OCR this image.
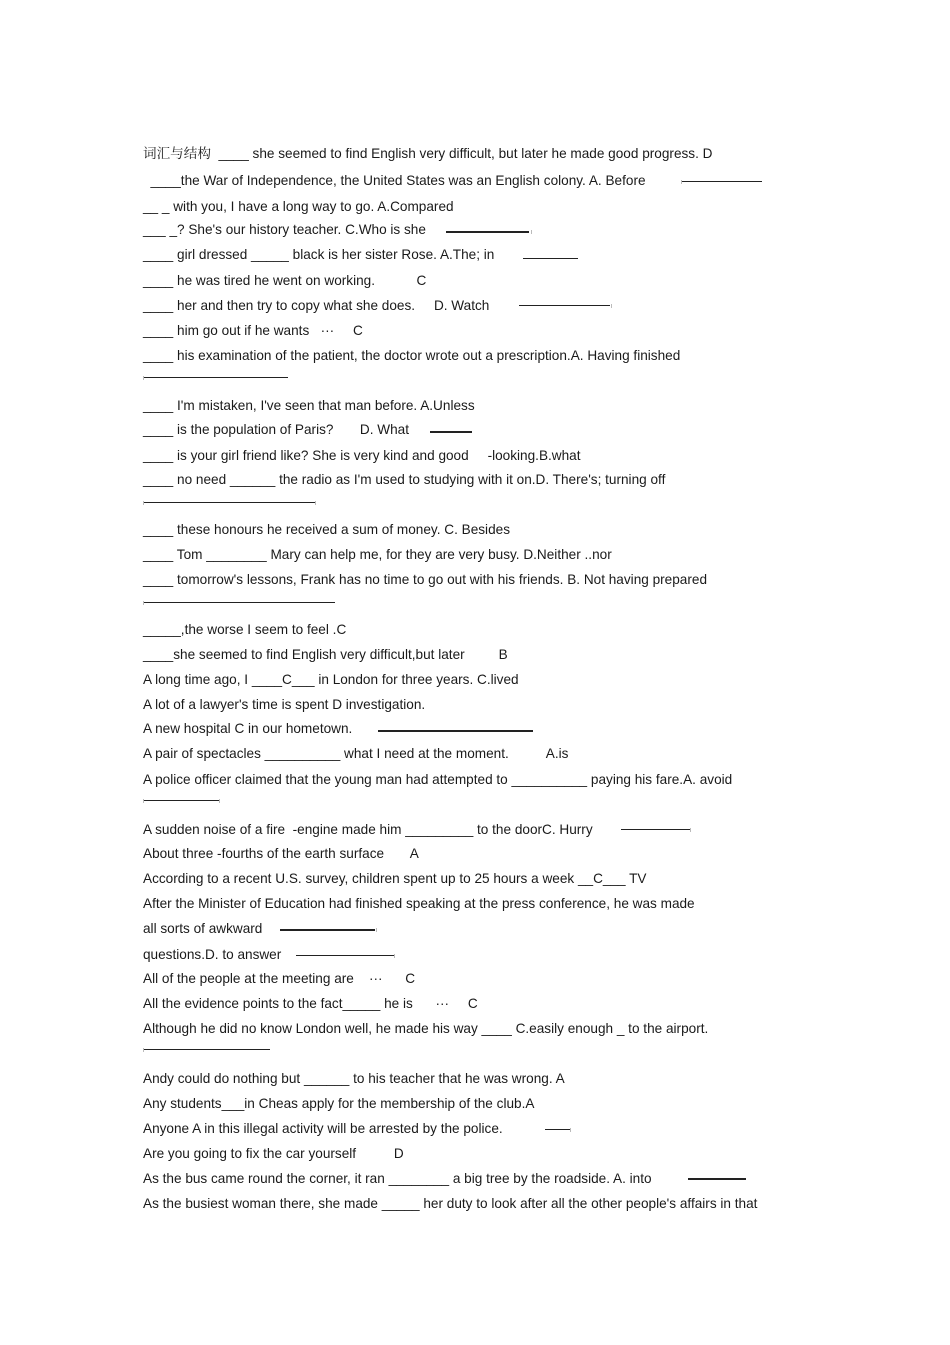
词汇与结构  ____ she seemed to find English very difficult, but later he made good progress. D
____the War of Independence, the United States was an English colony. A. Before
__ _ with you, I have a long way to go. A.Compared
___ _? She's our history teacher. C.Who is she
____ girl dressed _____ black is her sister Rose. A.The; in
____ he was tired he went on working.           C
____ her and then try to copy what she does.     D. Watch
____ him go out if he wants   ···     C
____ his examination of the patient, the doctor wrote out a prescription.A. Having finished
____ I'm mistaken, I've seen that man before. A.Unless
____ is the population of Paris?       D. What
____ is your girl friend like? She is very kind and good     -looking.B.what
____ no need ______ the radio as I'm used to studying with it on.D. There's; turning off
____ these honours he received a sum of money. C. Besides
____ Tom ________ Mary can help me, for they are very busy. D.Neither ..nor
____ tomorrow's lessons, Frank has no time to go out with his friends. B. Not having prepared
_____,the worse I seem to feel .C
____she seemed to find English very difficult,but later         B
A long time ago, I ____C___ in London for three years. C.lived
A lot of a lawyer's time is spent D investigation.
A new hospital C in our hometown.
A pair of spectacles __________ what I need at the moment.          A.is
A police officer claimed that the young man had attempted to __________ paying his fare.A. avoid
A sudden noise of a fire  -engine made him _________ to the doorC. Hurry
About three -fourths of the earth surface       A
According to a recent U.S. survey, children spent up to 25 hours a week __C___ TV
After the Minister of Education had finished speaking at the press conference, he was made
all sorts of awkward
questions.D. to answer
All of the people at the meeting are    ···      C
All the evidence points to the fact_____ he is      ···     C
Although he did no know London well, he made his way ____ C.easily enough _ to the airport.
Andy could do nothing but ______ to his teacher that he was wrong. A
Any students___in Cheas apply for the membership of the club.A
Anyone A in this illegal activity will be arrested by the police.
Are you going to fix the car yourself          D
As the bus came round the corner, it ran ________ a big tree by the roadside. A. into
As the busiest woman there, she made _____ her duty to look after all the other people's affairs in that
